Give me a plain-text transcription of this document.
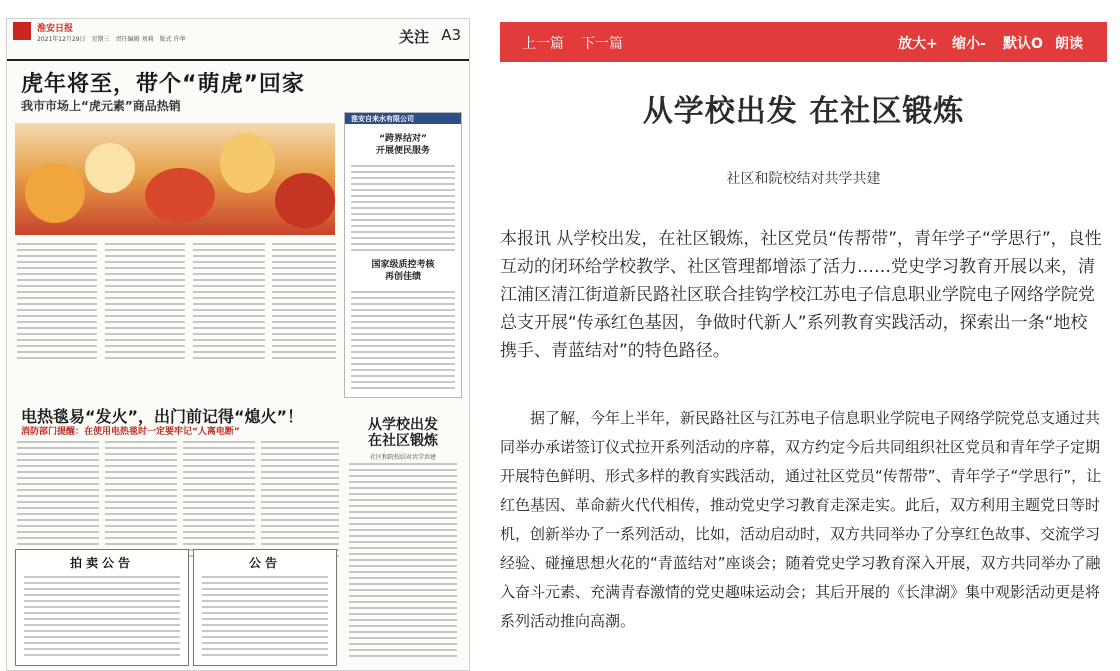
淮安日报
2021年12月29日　星期三　责任编辑 刘莉　版式 许华	关注 A3
虎年将至，带个“萌虎”回家
我市市场上“虎元素”商品热销
淮安自来水有限公司
“跨界结对”
开展便民服务
国家级质控考核
再创佳绩
电热毯易“发火”，出门前记得“熄火”！
消防部门提醒：在使用电热毯时一定要牢记“人离电断”	从学校出发
在社区锻炼
社区和院校结对共学共建
拍卖公告	公告
上一篇 下一篇	放大+ 缩小- 默认O 朗读
从学校出发 在社区锻炼
社区和院校结对共学共建
本报讯 从学校出发，在社区锻炼，社区党员“传帮带”，青年学子“学思行”，良性互动的闭环给学校教学、社区管理都增添了活力……党史学习教育开展以来，清江浦区清江街道新民路社区联合挂钩学校江苏电子信息职业学院电子网络学院党总支开展“传承红色基因，争做时代新人”系列教育实践活动，探索出一条“地校携手、青蓝结对”的特色路径。
据了解，今年上半年，新民路社区与江苏电子信息职业学院电子网络学院党总支通过共同举办承诺签订仪式拉开系列活动的序幕，双方约定今后共同组织社区党员和青年学子定期开展特色鲜明、形式多样的教育实践活动，通过社区党员“传帮带”、青年学子“学思行”，让红色基因、革命薪火代代相传，推动党史学习教育走深走实。此后，双方利用主题党日等时机，创新举办了一系列活动，比如，活动启动时，双方共同举办了分享红色故事、交流学习经验、碰撞思想火花的“青蓝结对”座谈会；随着党史学习教育深入开展，双方共同举办了融入奋斗元素、充满青春激情的党史趣味运动会；其后开展的《长津湖》集中观影活动更是将系列活动推向高潮。
